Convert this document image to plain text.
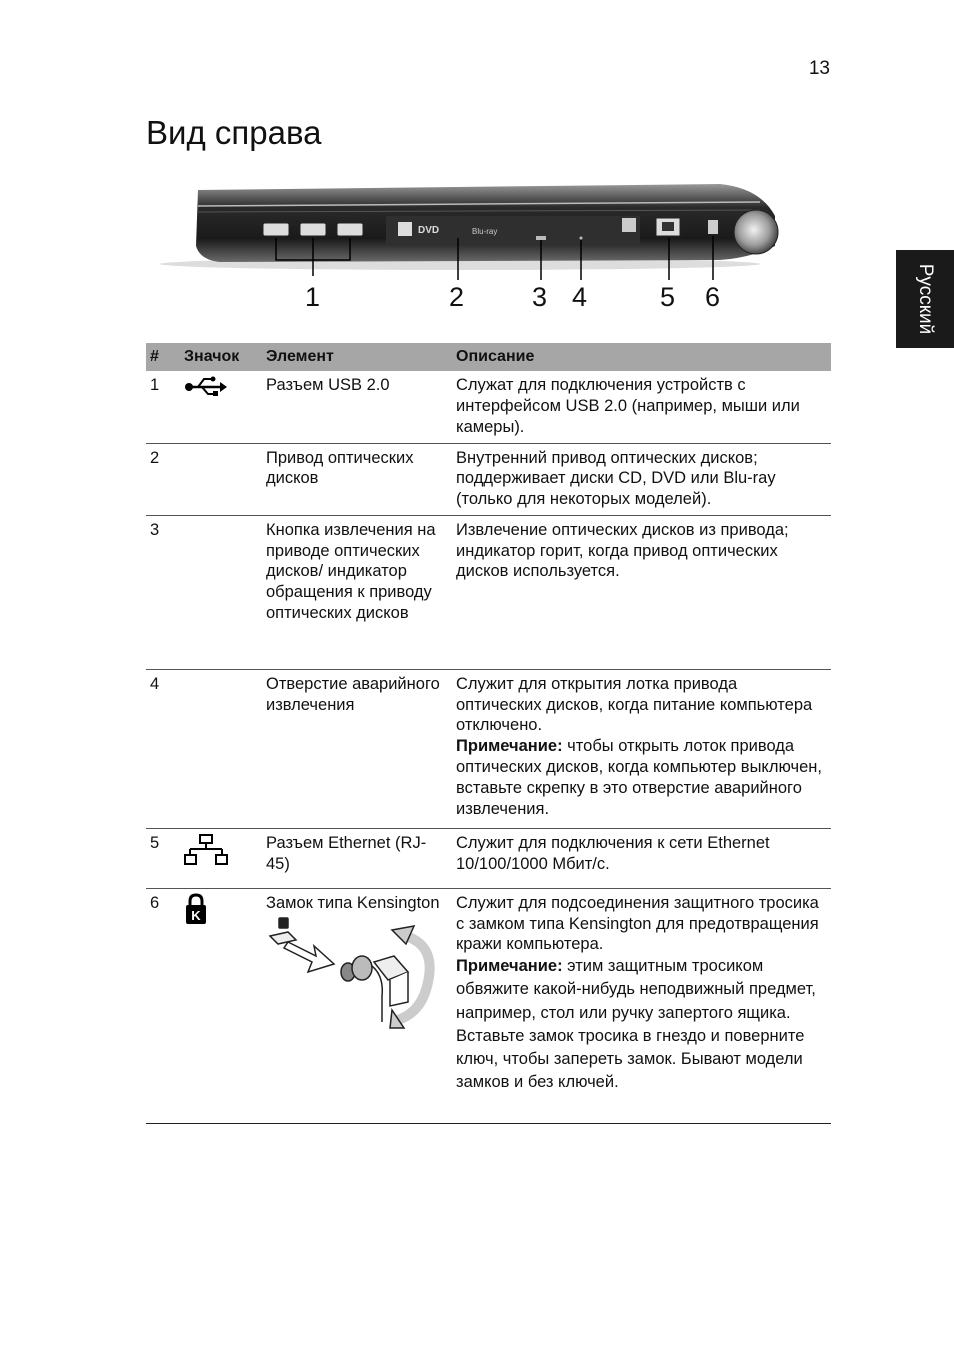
13
Вид справа
Русский
DVD	Blu-ray
1	2	3 4	5 6
#	Значок	Элемент	Описание
1		Разъем USB 2.0	Служат для подключения устройств с интерфейсом USB 2.0 (например, мыши или камеры).
2		Привод оптических дисков	Внутренний привод оптических дисков; поддерживает диски CD, DVD или Blu-ray (только для некоторых моделей).
3		Кнопка извлечения на приводе оптических дисков/ индикатор обращения к приводу оптических дисков	Извлечение оптических дисков из привода; индикатор горит, когда привод оптических дисков используется.
4		Отверстие аварийного извлечения	Служит для открытия лотка привода оптических дисков, когда питание компьютера отключено.

Примечание: чтобы открыть лоток привода оптических дисков, когда компьютер выключен, вставьте скрепку в это отверстие аварийного извлечения.

5		Разъем Ethernet (RJ-45)	Служит для подключения к сети Ethernet 10/100/1000 Мбит/с.
6	K	Замок типа Kensington	Служит для подсоединения защитного тросика с замком типа Kensington для предотвращения кражи компьютера.

Примечание: этим защитным тросиком обвяжите какой-нибудь неподвижный предмет, например, стол или ручку запертого ящика. Вставьте замок тросика в гнездо и поверните ключ, чтобы запереть замок. Бывают модели замков и без ключей.
